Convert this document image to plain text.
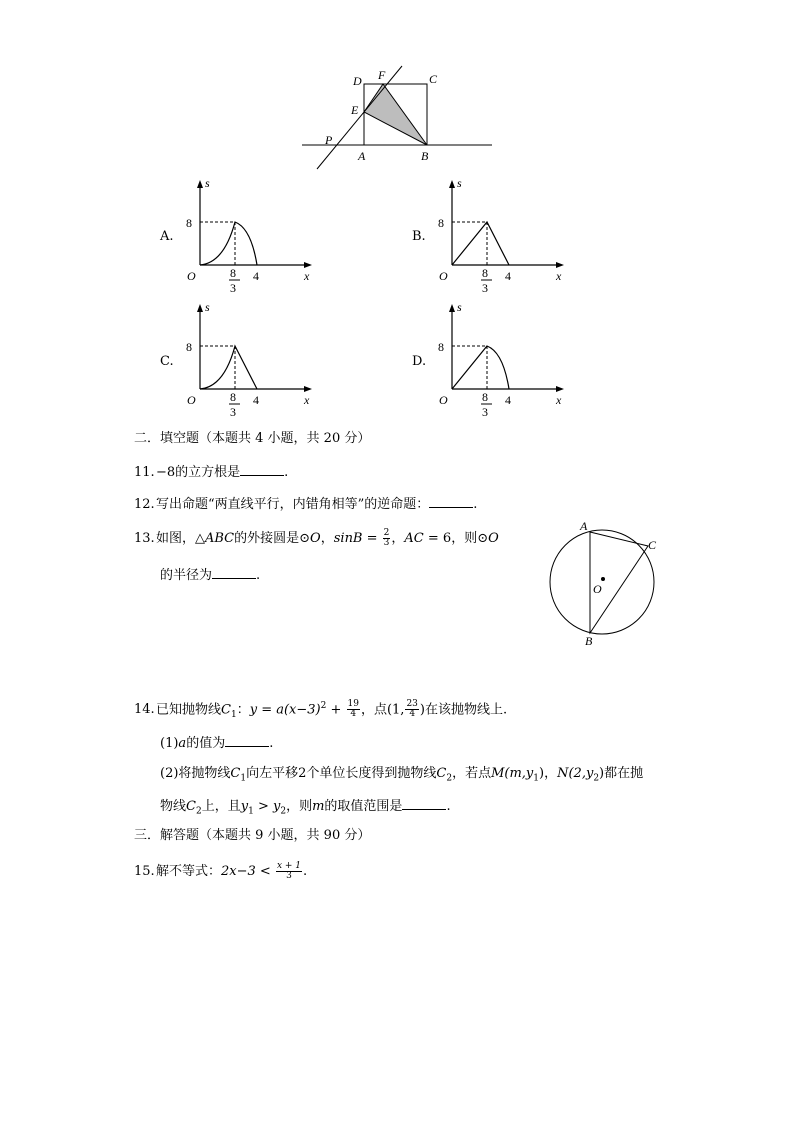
D F	C
E
P
A	B
A.
s
8
O	8
3
4	x
B.
s
8
O	8
3
4	x
C.
s
8
O	8
3
4	x
D.
s
8
O	8
3
4	x
二．填空题（本题共 4 小题，共 20 分）
11.−8的立方根是	.
12.写出命题“两直线平行，内错角相等”的逆命题：	.
13.如图，△ABC的外接圆是⊙O，$\sin B = \frac{2}{3}$ ，AC = 6，则⊙O
的半径为	.
A
C
O
B
14.已知抛物线$C_1$：$y = a(x-3)^2 + \frac{19}{4}$ ，点(1, $\frac{23}{4}$ )在该抛物线上.
(1)a的值为	.
(2)将抛物线$C_1$向左平移2个单位长度得到抛物线$C_2$，若点$M(m,y_1)$，$N(2,y_2)$都在抛
物线$C_2$上，且$y_1 > y_2$，则m的取值范围是	.
三．解答题（本题共 9 小题，共 90 分）
15.解不等式：$2x-3 < \frac{x + 1}{3}$ .
